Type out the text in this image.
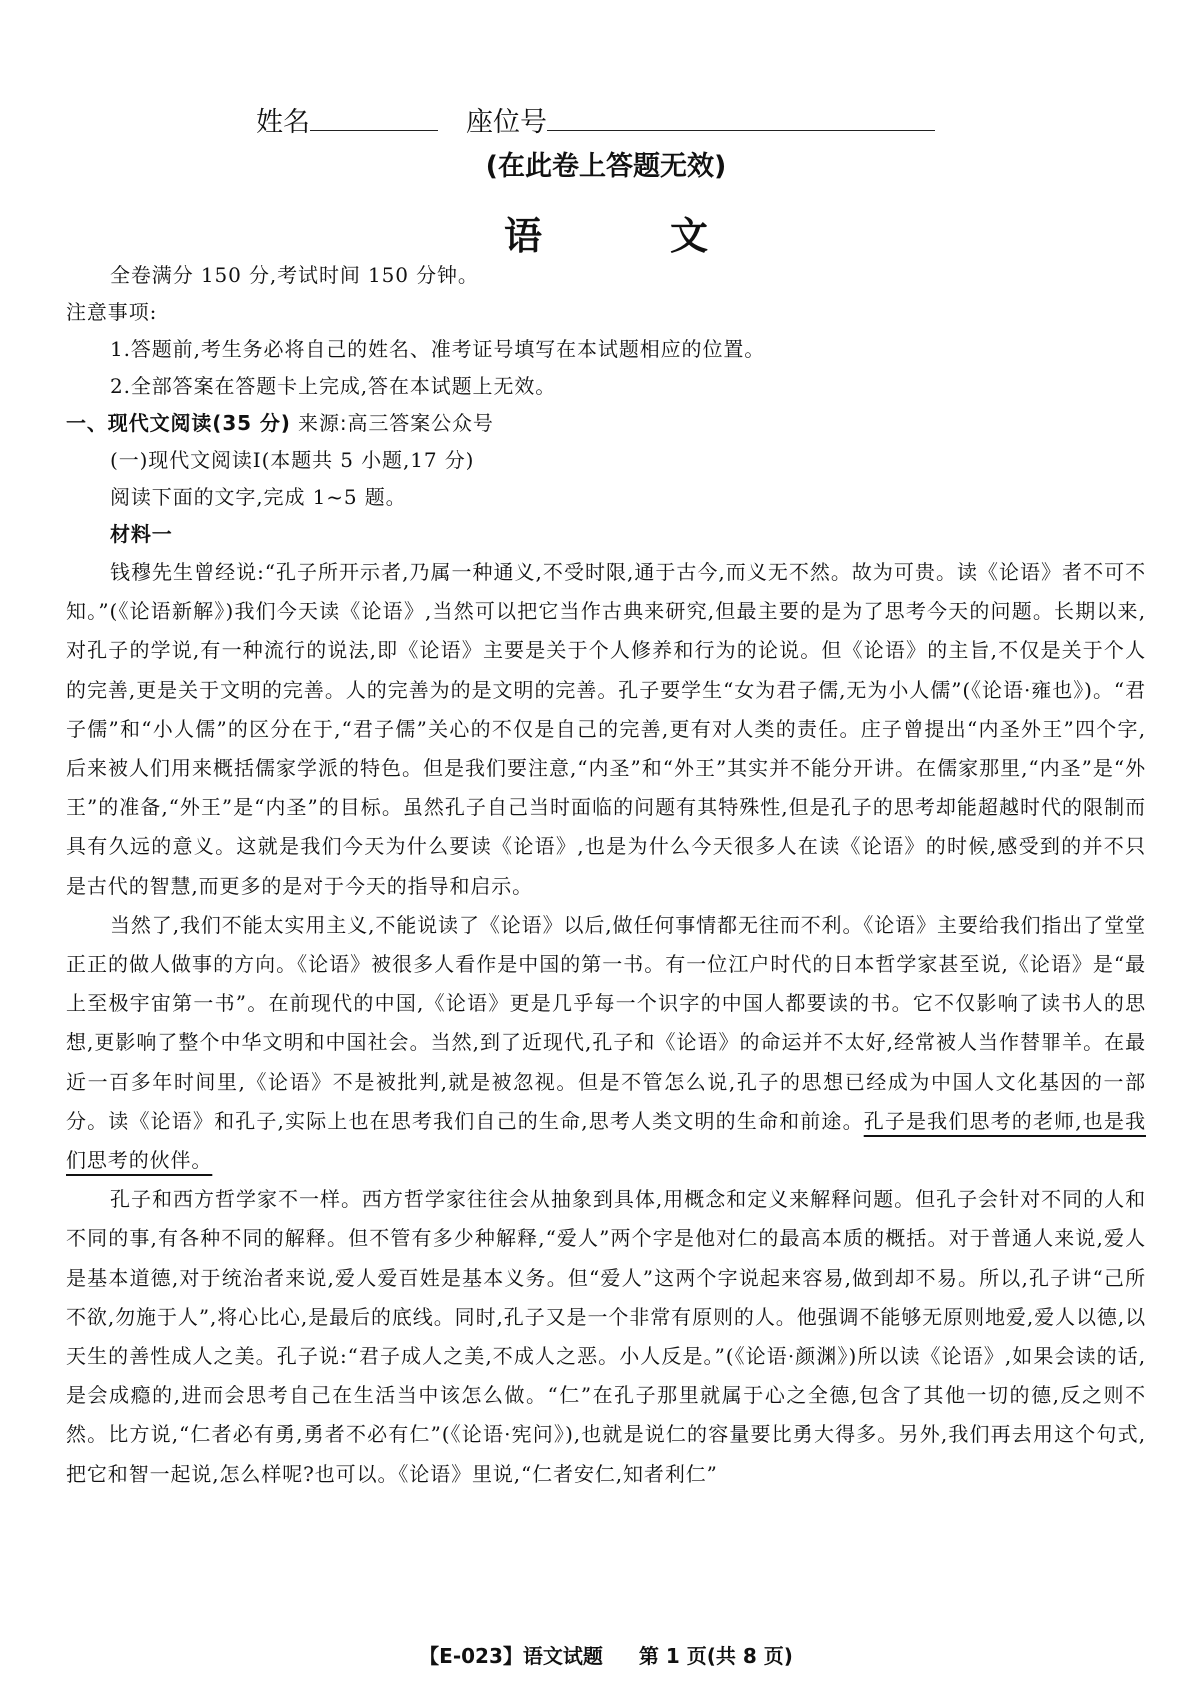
姓名	座位号
(在此卷上答题无效)
语文

全卷满分 150 分,考试时间 150 分钟。

注意事项:

1.答题前,考生务必将自己的姓名、准考证号填写在本试题相应的位置。

2.全部答案在答题卡上完成,答在本试题上无效。

一、现代文阅读(35 分) 来源:高三答案公众号

(一)现代文阅读Ⅰ(本题共 5 小题,17 分)

阅读下面的文字,完成 1~5 题。

材料一

钱穆先生曾经说:“孔子所开示者,乃属一种通义,不受时限,通于古今,而义无不然。故为可贵。读《论语》者不可不知。”(《论语新解》)我们今天读《论语》,当然可以把它当作古典来研究,但最主要的是为了思考今天的问题。长期以来,对孔子的学说,有一种流行的说法,即《论语》主要是关于个人修养和行为的论说。但《论语》的主旨,不仅是关于个人的完善,更是关于文明的完善。人的完善为的是文明的完善。孔子要学生“女为君子儒,无为小人儒”(《论语·雍也》)。“君子儒”和“小人儒”的区分在于,“君子儒”关心的不仅是自己的完善,更有对人类的责任。庄子曾提出“内圣外王”四个字,后来被人们用来概括儒家学派的特色。但是我们要注意,“内圣”和“外王”其实并不能分开讲。在儒家那里,“内圣”是“外王”的准备,“外王”是“内圣”的目标。虽然孔子自己当时面临的问题有其特殊性,但是孔子的思考却能超越时代的限制而具有久远的意义。这就是我们今天为什么要读《论语》,也是为什么今天很多人在读《论语》的时候,感受到的并不只是古代的智慧,而更多的是对于今天的指导和启示。

当然了,我们不能太实用主义,不能说读了《论语》以后,做任何事情都无往而不利。《论语》主要给我们指出了堂堂正正的做人做事的方向。《论语》被很多人看作是中国的第一书。有一位江户时代的日本哲学家甚至说,《论语》是“最上至极宇宙第一书”。在前现代的中国,《论语》更是几乎每一个识字的中国人都要读的书。它不仅影响了读书人的思想,更影响了整个中华文明和中国社会。当然,到了近现代,孔子和《论语》的命运并不太好,经常被人当作替罪羊。在最近一百多年时间里,《论语》不是被批判,就是被忽视。但是不管怎么说,孔子的思想已经成为中国人文化基因的一部分。读《论语》和孔子,实际上也在思考我们自己的生命,思考人类文明的生命和前途。孔子是我们思考的老师,也是我们思考的伙伴。

孔子和西方哲学家不一样。西方哲学家往往会从抽象到具体,用概念和定义来解释问题。但孔子会针对不同的人和不同的事,有各种不同的解释。但不管有多少种解释,“爱人”两个字是他对仁的最高本质的概括。对于普通人来说,爱人是基本道德,对于统治者来说,爱人爱百姓是基本义务。但“爱人”这两个字说起来容易,做到却不易。所以,孔子讲“己所不欲,勿施于人”,将心比心,是最后的底线。同时,孔子又是一个非常有原则的人。他强调不能够无原则地爱,爱人以德,以天生的善性成人之美。孔子说:“君子成人之美,不成人之恶。小人反是。”(《论语·颜渊》)所以读《论语》,如果会读的话,是会成瘾的,进而会思考自己在生活当中该怎么做。“仁”在孔子那里就属于心之全德,包含了其他一切的德,反之则不然。比方说,“仁者必有勇,勇者不必有仁”(《论语·宪问》),也就是说仁的容量要比勇大得多。另外,我们再去用这个句式,把它和智一起说,怎么样呢?也可以。《论语》里说,“仁者安仁,知者利仁”

【E-023】语文试题 第 1 页(共 8 页)
